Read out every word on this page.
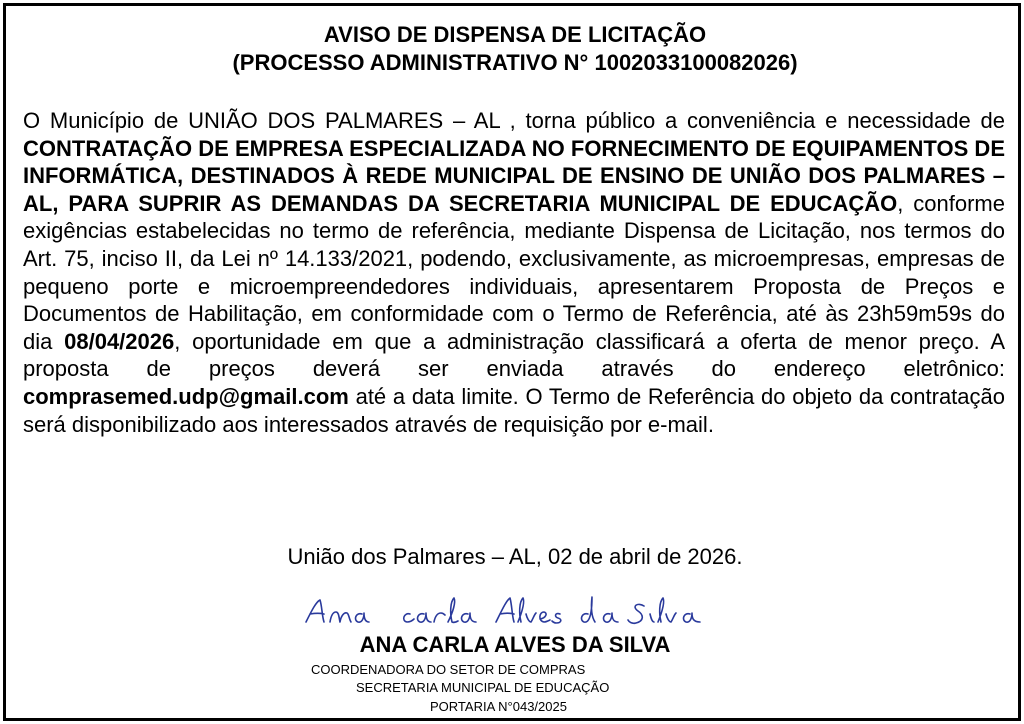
AVISO DE DISPENSA DE LICITAÇÃO

(PROCESSO ADMINISTRATIVO N° 1002033100082026)

O Município de UNIÃO DOS PALMARES – AL , torna público a conveniência e necessidade de CONTRATAÇÃO DE EMPRESA ESPECIALIZADA NO FORNECIMENTO DE EQUIPAMENTOS DE INFORMÁTICA, DESTINADOS À REDE MUNICIPAL DE ENSINO DE UNIÃO DOS PALMARES – AL, PARA SUPRIR AS DEMANDAS DA SECRETARIA MUNICIPAL DE EDUCAÇÃO, conforme exigências estabelecidas no termo de referência, mediante Dispensa de Licitação, nos termos do Art. 75, inciso II, da Lei nº 14.133/2021, podendo, exclusivamente, as microempresas, empresas de pequeno porte e microempreendedores individuais, apresentarem Proposta de Preços e Documentos de Habilitação, em conformidade com o Termo de Referência, até às 23h59m59s do dia 08/04/2026, oportunidade em que a administração classificará a oferta de menor preço. A proposta de preços deverá ser enviada através do endereço eletrônico: comprasemed.udp@gmail.com até a data limite. O Termo de Referência do objeto da contratação será disponibilizado aos interessados através de requisição por e-mail.

União dos Palmares – AL, 02 de abril de 2026.

ANA CARLA ALVES DA SILVA

COORDENADORA DO SETOR DE COMPRAS

SECRETARIA MUNICIPAL DE EDUCAÇÃO

PORTARIA N°043/2025
